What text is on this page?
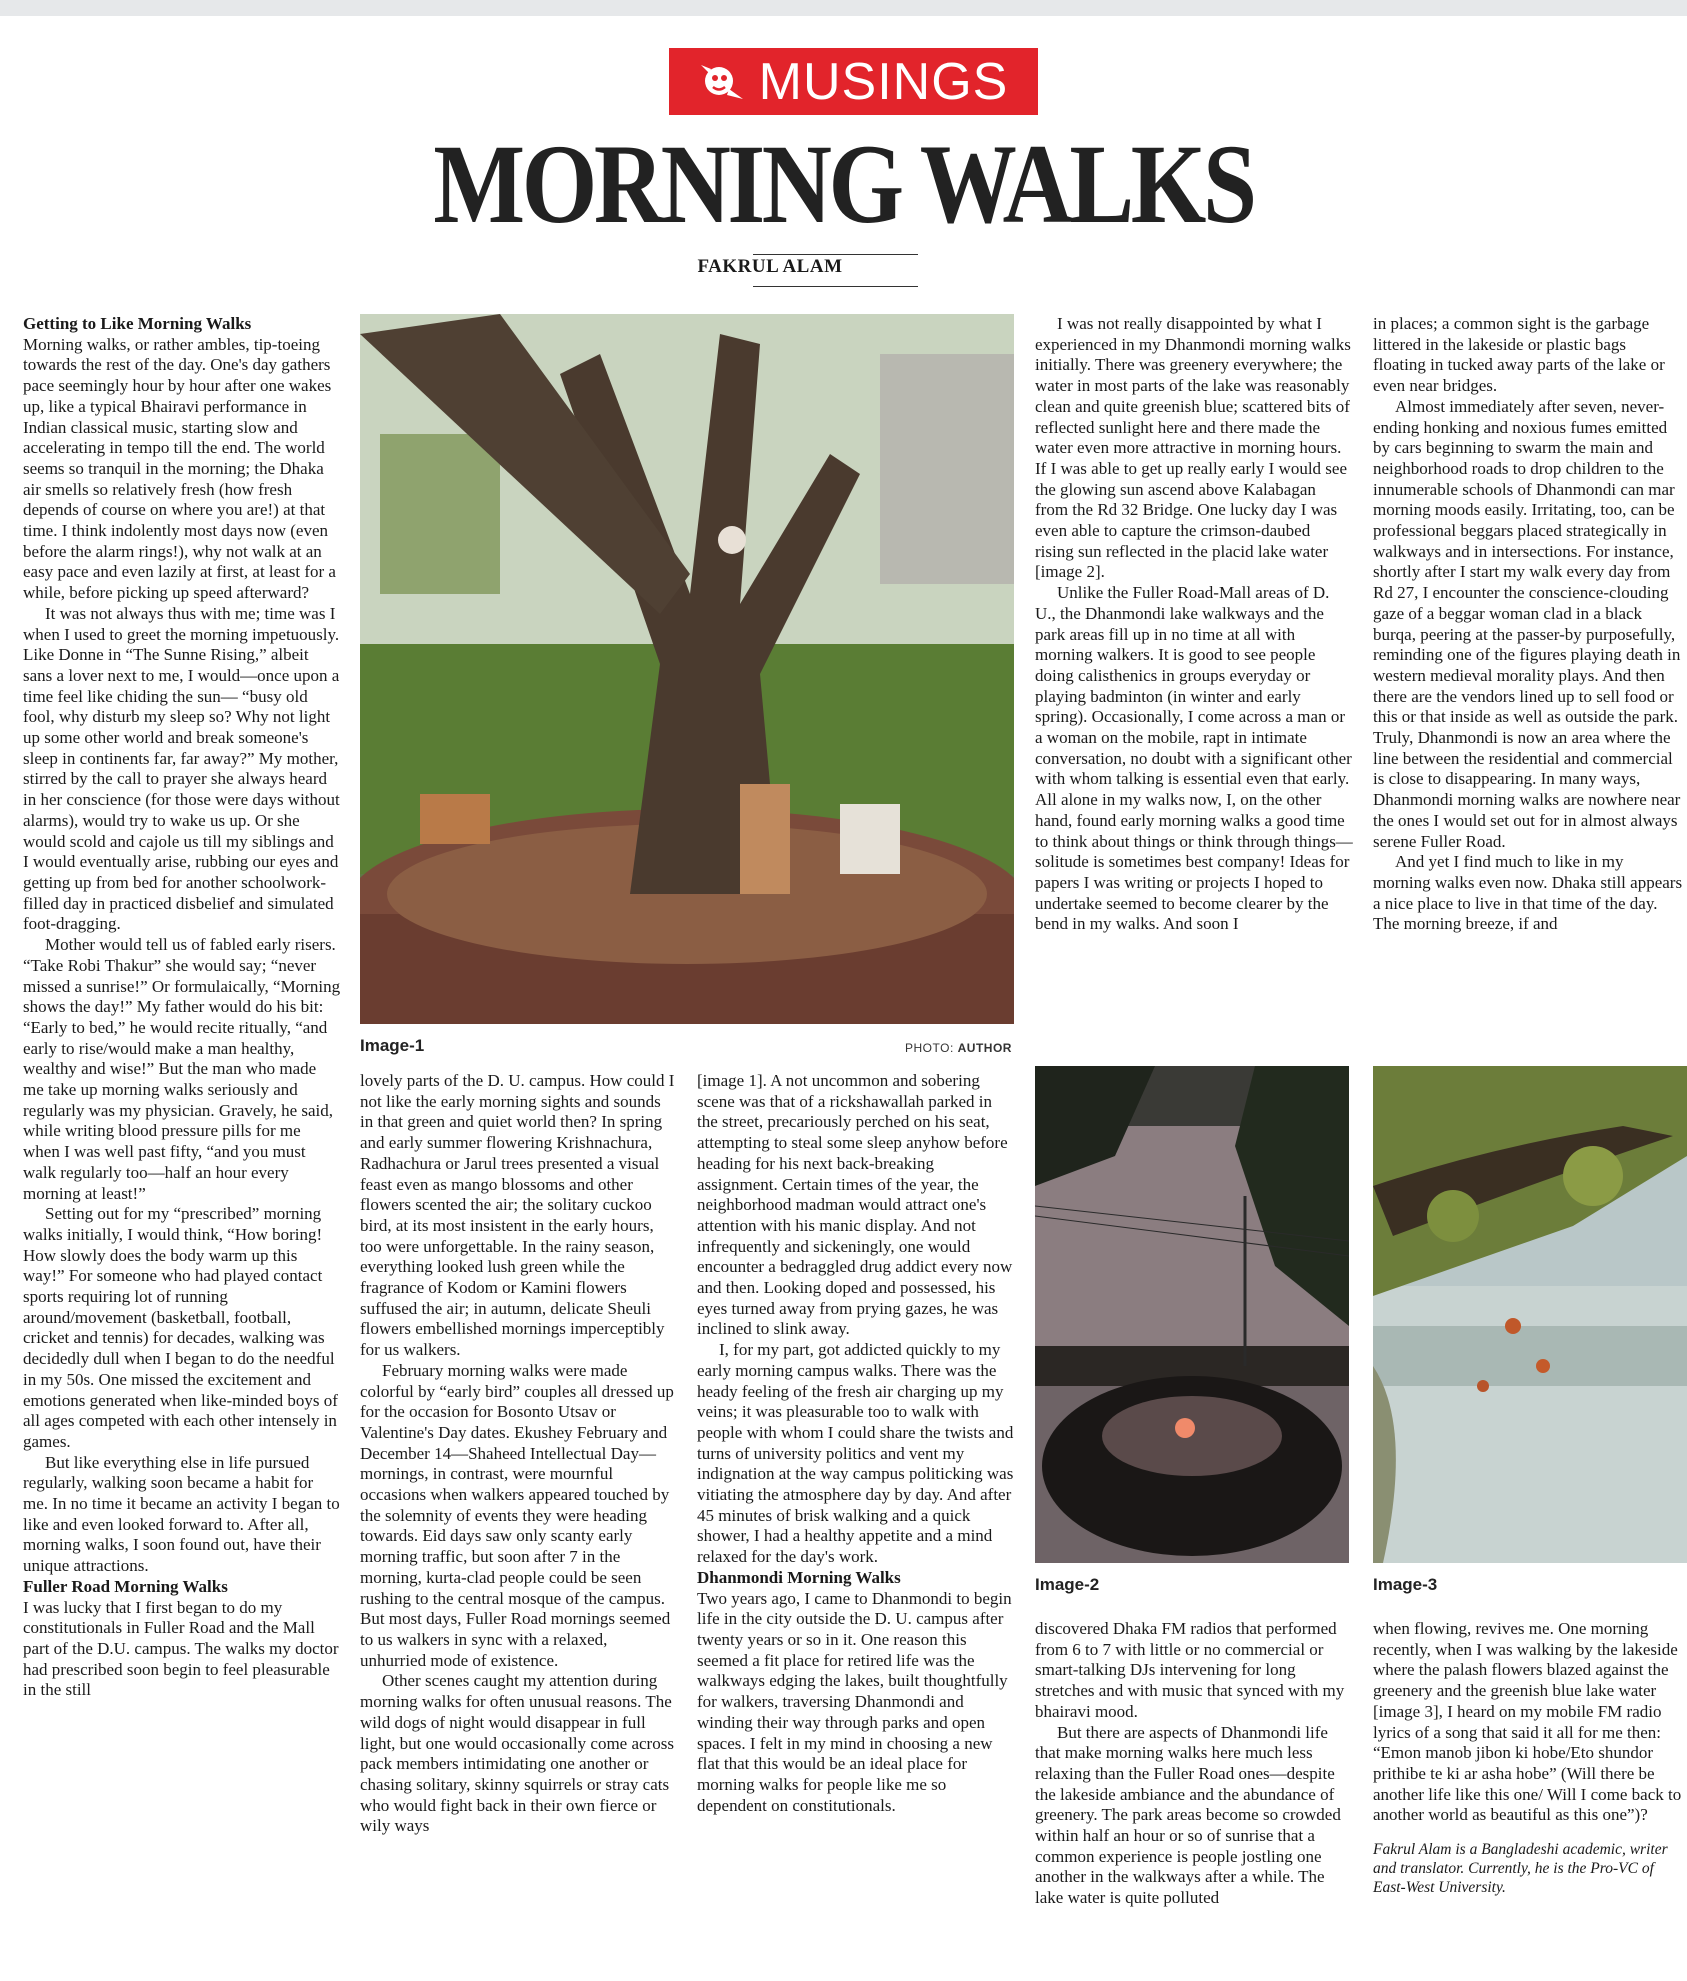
MUSINGS
MORNING WALKS
FAKRUL ALAM
Getting to Like Morning Walks

Morning walks, or rather ambles, tip-toeing towards the rest of the day. One's day gathers pace seemingly hour by hour after one wakes up, like a typical Bhairavi performance in Indian classical music, starting slow and accelerating in tempo till the end. The world seems so tranquil in the morning; the Dhaka air smells so relatively fresh (how fresh depends of course on where you are!) at that time. I think indolently most days now (even before the alarm rings!), why not walk at an easy pace and even lazily at first, at least for a while, before picking up speed afterward?

It was not always thus with me; time was I when I used to greet the morning impetuously. Like Donne in “The Sunne Rising,” albeit sans a lover next to me, I would—once upon a time feel like chiding the sun— “busy old fool, why disturb my sleep so? Why not light up some other world and break someone's sleep in continents far, far away?” My mother, stirred by the call to prayer she always heard in her conscience (for those were days without alarms), would try to wake us up. Or she would scold and cajole us till my siblings and I would eventually arise, rubbing our eyes and getting up from bed for another schoolwork-filled day in practiced disbelief and simulated foot-dragging.

Mother would tell us of fabled early risers. “Take Robi Thakur” she would say; “never missed a sunrise!” Or formulaically, “Morning shows the day!” My father would do his bit: “Early to bed,” he would recite ritually, “and early to rise/would make a man healthy, wealthy and wise!” But the man who made me take up morning walks seriously and regularly was my physician. Gravely, he said, while writing blood pressure pills for me when I was well past fifty, “and you must walk regularly too—half an hour every morning at least!”

Setting out for my “prescribed” morning walks initially, I would think, “How boring! How slowly does the body warm up this way!” For someone who had played contact sports requiring lot of running around/movement (basketball, football, cricket and tennis) for decades, walking was decidedly dull when I began to do the needful in my 50s. One missed the excitement and emotions generated when like-minded boys of all ages competed with each other intensely in games.

But like everything else in life pursued regularly, walking soon became a habit for me. In no time it became an activity I began to like and even looked forward to. After all, morning walks, I soon found out, have their unique attractions.

Fuller Road Morning Walks

I was lucky that I first began to do my constitutionals in Fuller Road and the Mall part of the D.U. campus. The walks my doctor had prescribed soon begin to feel pleasurable in the still

Image-1	PHOTO: AUTHOR

lovely parts of the D. U. campus. How could I not like the early morning sights and sounds in that green and quiet world then? In spring and early summer flowering Krishnachura, Radhachura or Jarul trees presented a visual feast even as mango blossoms and other flowers scented the air; the solitary cuckoo bird, at its most insistent in the early hours, too were unforgettable. In the rainy season, everything looked lush green while the fragrance of Kodom or Kamini flowers suffused the air; in autumn, delicate Sheuli flowers embellished mornings imperceptibly for us walkers.

February morning walks were made colorful by “early bird” couples all dressed up for the occasion for Bosonto Utsav or Valentine's Day dates. Ekushey February and December 14—Shaheed Intellectual Day—mornings, in contrast, were mournful occasions when walkers appeared touched by the solemnity of events they were heading towards. Eid days saw only scanty early morning traffic, but soon after 7 in the morning, kurta-clad people could be seen rushing to the central mosque of the campus. But most days, Fuller Road mornings seemed to us walkers in sync with a relaxed, unhurried mode of existence.

Other scenes caught my attention during morning walks for often unusual reasons. The wild dogs of night would disappear in full light, but one would occasionally come across pack members intimidating one another or chasing solitary, skinny squirrels or stray cats who would fight back in their own fierce or wily ways

[image 1]. A not uncommon and sobering scene was that of a rickshawallah parked in the street, precariously perched on his seat, attempting to steal some sleep anyhow before heading for his next back-breaking assignment. Certain times of the year, the neighborhood madman would attract one's attention with his manic display. And not infrequently and sickeningly, one would encounter a bedraggled drug addict every now and then. Looking doped and possessed, his eyes turned away from prying gazes, he was inclined to slink away.

I, for my part, got addicted quickly to my early morning campus walks. There was the heady feeling of the fresh air charging up my veins; it was pleasurable too to walk with people with whom I could share the twists and turns of university politics and vent my indignation at the way campus politicking was vitiating the atmosphere day by day. And after 45 minutes of brisk walking and a quick shower, I had a healthy appetite and a mind relaxed for the day's work.

Dhanmondi Morning Walks

Two years ago, I came to Dhanmondi to begin life in the city outside the D. U. campus after twenty years or so in it. One reason this seemed a fit place for retired life was the walkways edging the lakes, built thoughtfully for walkers, traversing Dhanmondi and winding their way through parks and open spaces. I felt in my mind in choosing a new flat that this would be an ideal place for morning walks for people like me so dependent on constitutionals.

I was not really disappointed by what I experienced in my Dhanmondi morning walks initially. There was greenery everywhere; the water in most parts of the lake was reasonably clean and quite greenish blue; scattered bits of reflected sunlight here and there made the water even more attractive in morning hours. If I was able to get up really early I would see the glowing sun ascend above Kalabagan from the Rd 32 Bridge. One lucky day I was even able to capture the crimson-daubed rising sun reflected in the placid lake water [image 2].

Unlike the Fuller Road-Mall areas of D. U., the Dhanmondi lake walkways and the park areas fill up in no time at all with morning walkers. It is good to see people doing calisthenics in groups everyday or playing badminton (in winter and early spring). Occasionally, I come across a man or a woman on the mobile, rapt in intimate conversation, no doubt with a significant other with whom talking is essential even that early. All alone in my walks now, I, on the other hand, found early morning walks a good time to think about things or think through things—solitude is sometimes best company! Ideas for papers I was writing or projects I hoped to undertake seemed to become clearer by the bend in my walks. And soon I

Image-2

discovered Dhaka FM radios that performed from 6 to 7 with little or no commercial or smart-talking DJs intervening for long stretches and with music that synced with my bhairavi mood.

But there are aspects of Dhanmondi life that make morning walks here much less relaxing than the Fuller Road ones—despite the lakeside ambiance and the abundance of greenery. The park areas become so crowded within half an hour or so of sunrise that a common experience is people jostling one another in the walkways after a while. The lake water is quite polluted

in places; a common sight is the garbage littered in the lakeside or plastic bags floating in tucked away parts of the lake or even near bridges.

Almost immediately after seven, never-ending honking and noxious fumes emitted by cars beginning to swarm the main and neighborhood roads to drop children to the innumerable schools of Dhanmondi can mar morning moods easily. Irritating, too, can be professional beggars placed strategically in walkways and in intersections. For instance, shortly after I start my walk every day from Rd 27, I encounter the conscience-clouding gaze of a beggar woman clad in a black burqa, peering at the passer-by purposefully, reminding one of the figures playing death in western medieval morality plays. And then there are the vendors lined up to sell food or this or that inside as well as outside the park. Truly, Dhanmondi is now an area where the line between the residential and commercial is close to disappearing. In many ways, Dhanmondi morning walks are nowhere near the ones I would set out for in almost always serene Fuller Road.

And yet I find much to like in my morning walks even now. Dhaka still appears a nice place to live in that time of the day. The morning breeze, if and

Image-3

when flowing, revives me. One morning recently, when I was walking by the lakeside where the palash flowers blazed against the greenery and the greenish blue lake water [image 3], I heard on my mobile FM radio lyrics of a song that said it all for me then: “Emon manob jibon ki hobe/Eto shundor prithibe te ki ar asha hobe” (Will there be another life like this one/ Will I come back to another world as beautiful as this one”)?

Fakrul Alam is a Bangladeshi academic, writer and translator. Currently, he is the Pro-VC of East-West University.
